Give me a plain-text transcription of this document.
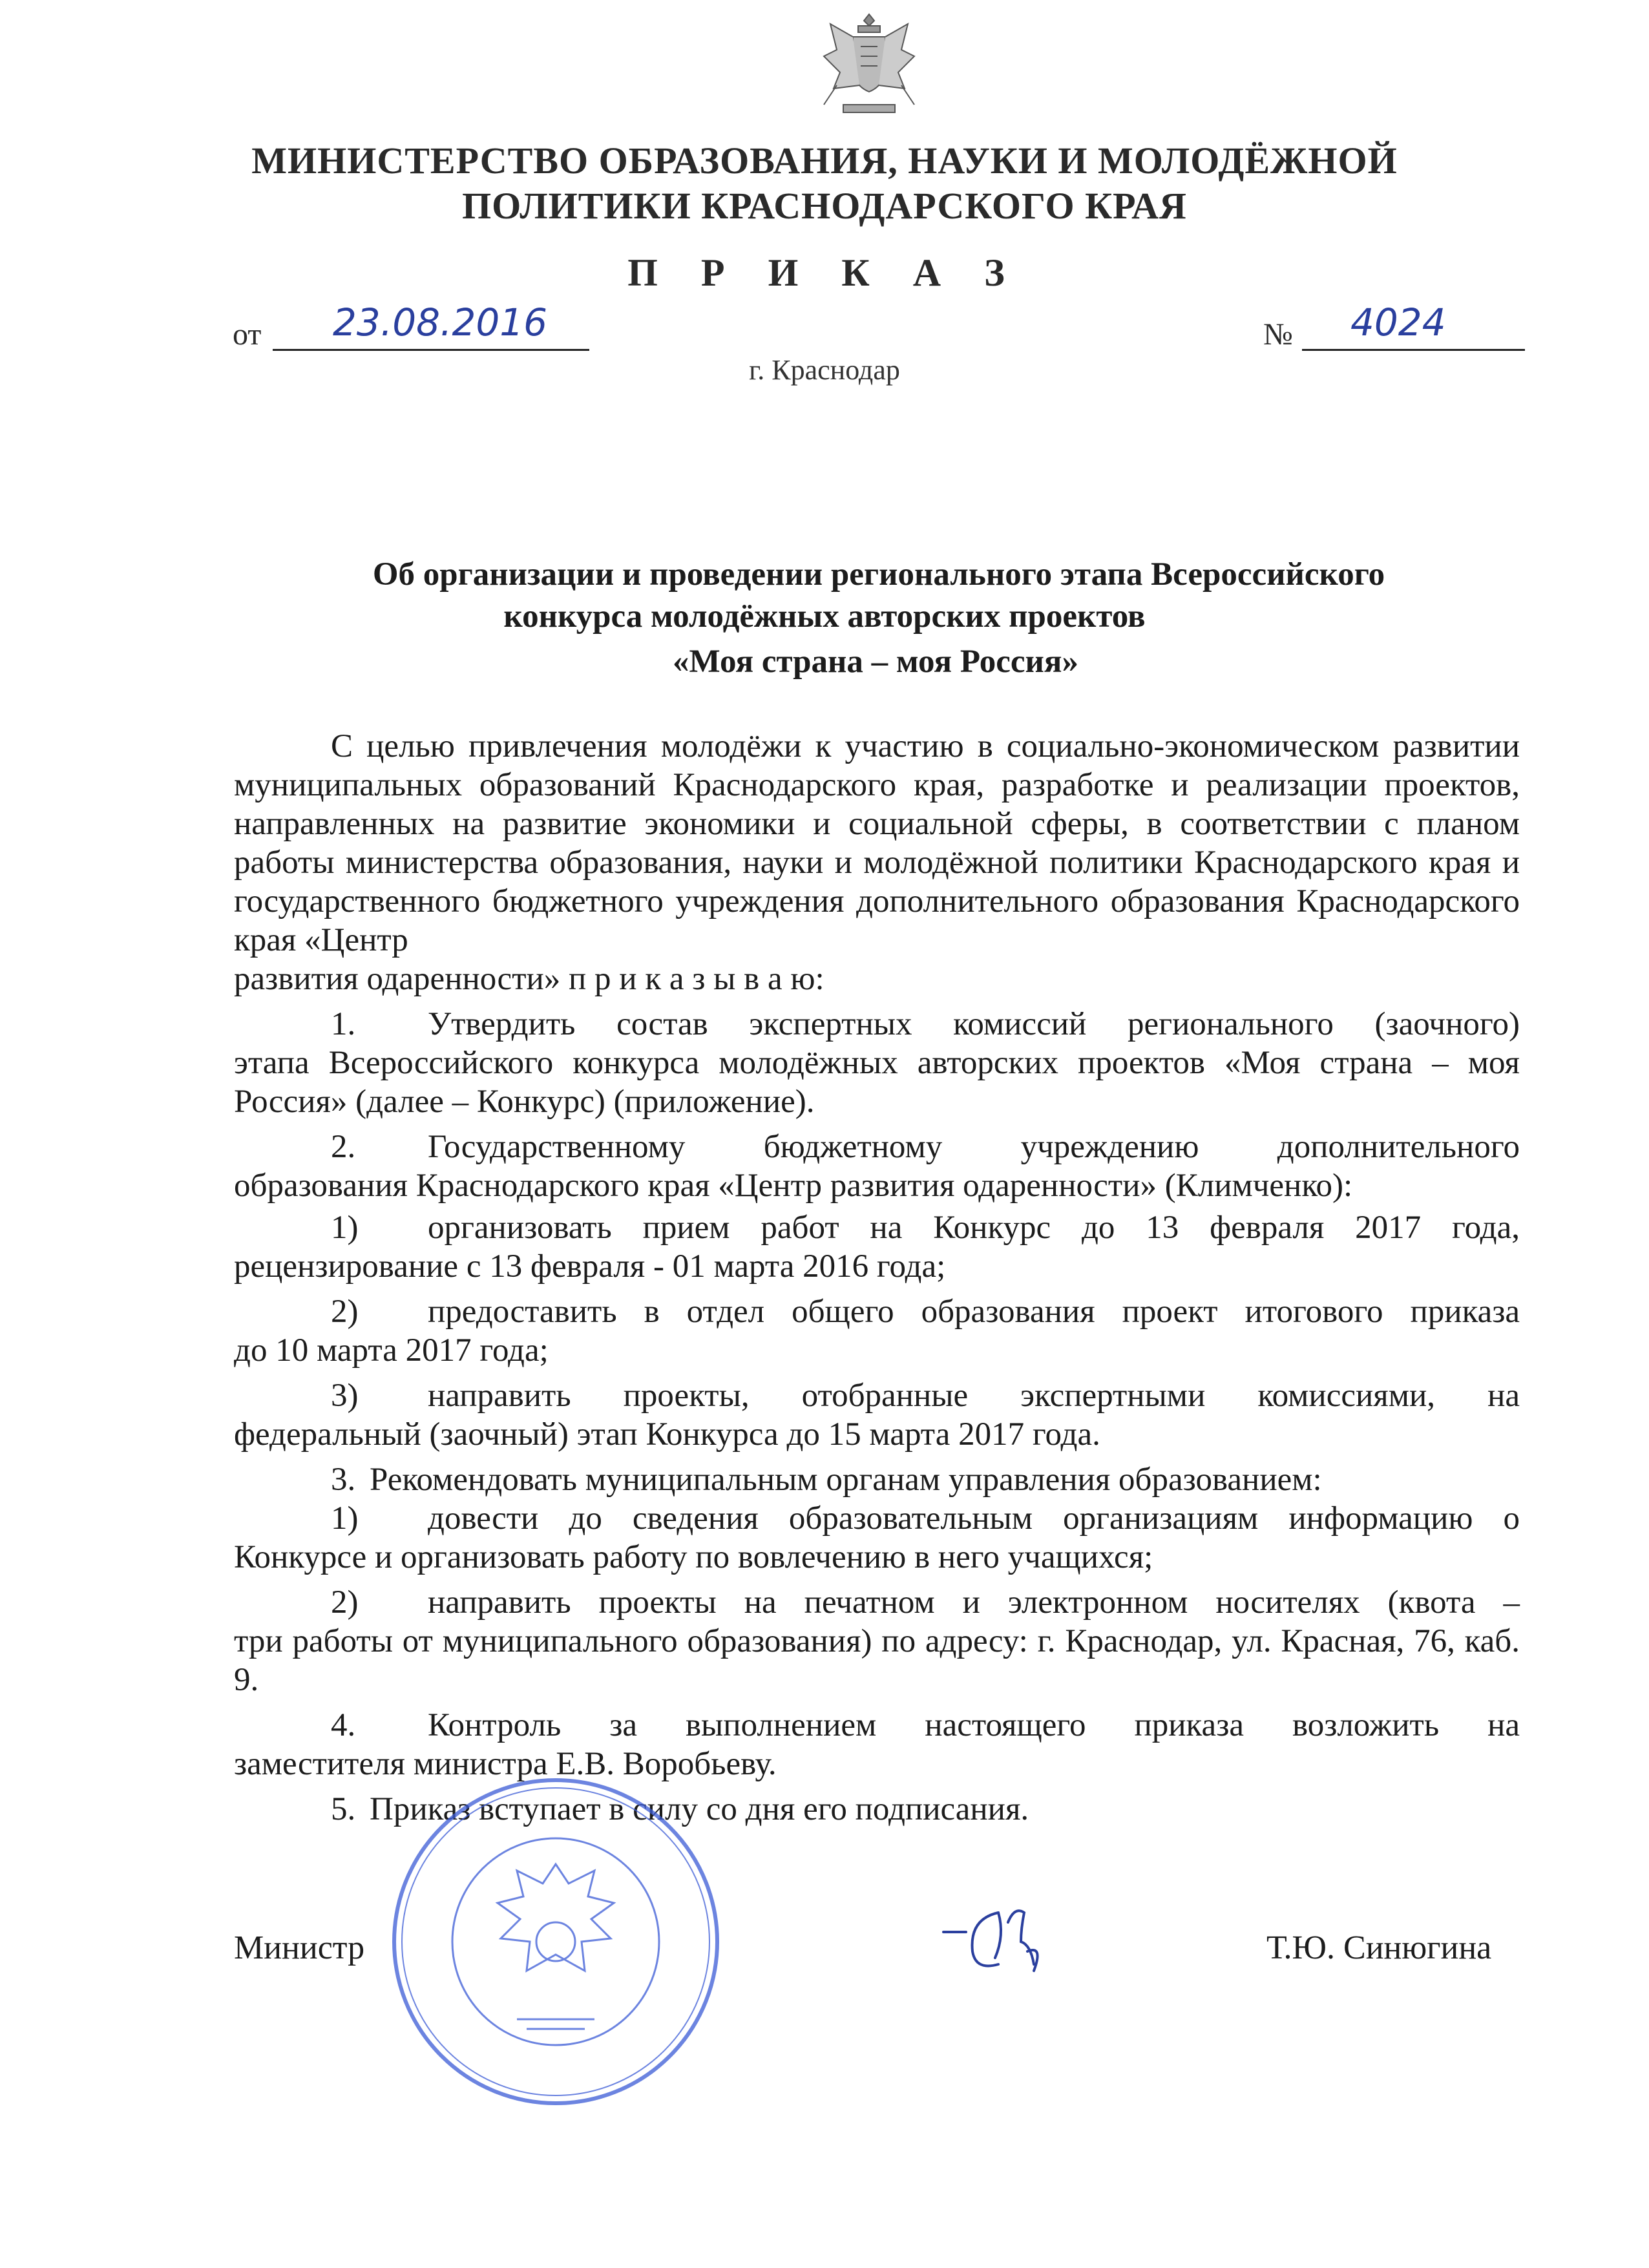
МИНИСТЕРСТВО ОБРАЗОВАНИЯ, НАУКИ И МОЛОДЁЖНОЙ
ПОЛИТИКИ КРАСНОДАРСКОГО КРАЯ
П Р И К А З
от 23.08.2016	№ 4024
г. Краснодар
Об организации и проведении регионального этапа Всероссийского
конкурса молодёжных авторских проектов
«Моя страна – моя Россия»

С целью привлечения молодёжи к участию в социально-экономическом развитии муниципальных образований Краснодарского края, разработке и реализации проектов, направленных на развитие экономики и социальной сферы, в соответствии с планом работы министерства образования, науки и молодёжной политики Краснодарского края и государственного бюджетного учреждения дополнительного образования Краснодарского края «Центр

развития одаренности» п р и к а з ы в а ю:

1. Утвердить состав экспертных комиссий регионального (заочного)

этапа Всероссийского конкурса молодёжных авторских проектов «Моя страна – моя Россия» (далее – Конкурс) (приложение).

2. Государственному бюджетному учреждению дополнительного

образования Краснодарского края «Центр развития одаренности» (Климченко):

1) организовать прием работ на Конкурс до 13 февраля 2017 года,

рецензирование с 13 февраля - 01 марта 2016 года;

2) предоставить в отдел общего образования проект итогового приказа

до 10 марта 2017 года;

3) направить проекты, отобранные экспертными комиссиями, на

федеральный (заочный) этап Конкурса до 15 марта 2017 года.

3. Рекомендовать муниципальным органам управления образованием:
1) довести до сведения образовательным организациям информацию о

Конкурсе и организовать работу по вовлечению в него учащихся;

2) направить проекты на печатном и электронном носителях (квота –

три работы от муниципального образования) по адресу: г. Краснодар, ул. Красная, 76, каб. 9.

4. Контроль за выполнением настоящего приказа возложить на

заместителя министра Е.В. Воробьеву.

5. Приказ вступает в силу со дня его подписания.
Министр	Т.Ю. Синюгина
